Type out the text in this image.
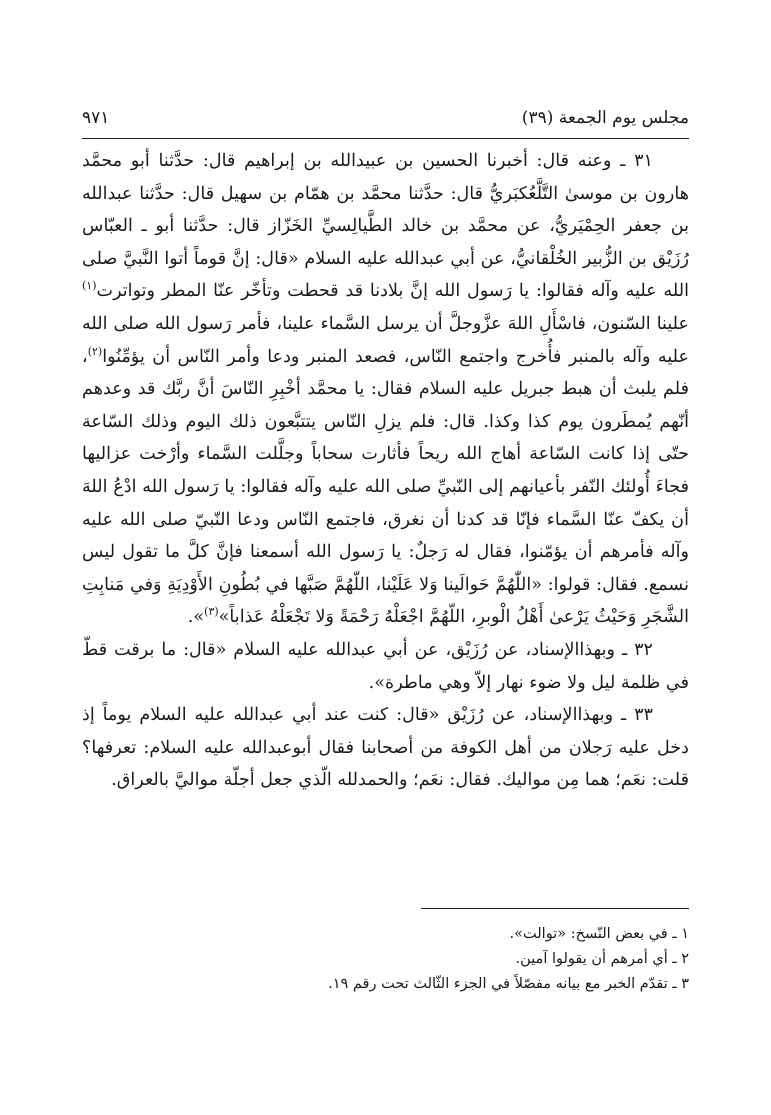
مجلس يوم الجمعة (٣٩)
٩٧١

٣١ ـ وعنه قال: أخبرنا الحسين بن عبيدالله بن إبراهيم قال: حدَّثنا أبو محمَّد هارون بن موسىٰ التَّلَّعُكبَريُّ قال: حدَّثنا محمَّد بن همّام بن سهيل قال: حدَّثنا عبدالله بن جعفر الحِمْيَريُّ، عن محمَّد بن خالد الطَّيالِسيِّ الخَزّاز قال: حدَّثنا أبو ـ العبّاس رُزَيْق بن الزُّبير الخُلْقانيُّ، عن أبي عبدالله عليه السلام «قال: إنَّ قوماً أتوا النَّبيَّ صلى الله عليه وآله فقالوا: يا رَسول الله إنَّ بلادنا قد قحطت وتأخّر عنّا المطر وتواترت$^{(١)}$ علينا السّنون، فاسْأَلِ اللهَ عزَّوجلَّ أن يرسل السَّماء علينا، فأمر رَسول الله صلى الله عليه وآله بالمنبر فأُخرج واجتمع النّاس، فصعد المنبر ودعا وأمر النّاس أن يؤمِّنُوا$^{(٢)}$، فلم يلبث أن هبط جبريل عليه السلام فقال: يا محمَّد أخْبِرِ النّاسَ أنَّ ربَّك قد وعدهم أنّهم يُمطَرون يوم كذا وكذا. قال: فلم يزلِ النّاس يتتبَّعون ذلك اليوم وذلك السّاعة حتّى إذا كانت السّاعة أهاج الله ريحاً فأثارت سحاباً وجلَّلت السَّماء وأرْخت عزاليها فجاءَ أُولئك النّفر بأعيانهم إلى النّبيِّ صلى الله عليه وآله فقالوا: يا رَسول الله ادْعُ اللهَ أن يكفّ عنّا السَّماء فإنّا قد كدنا أن نغرق، فاجتمع النّاس ودعا النّبيّ صلى الله عليه وآله فأمرهم أن يؤمّنوا، فقال له رَجلٌ: يا رَسول الله أسمعنا فإنَّ كلَّ ما تقول ليس نسمع. فقال: قولوا: «اللّٰهُمَّ حَوالَينا وَلا عَلَيْنا، اللّهُمَّ صَبَّها في بُطُونِ الأَوْدِيَةِ وَفي مَنابِتِ الشَّجَرِ وَحَيْثُ يَرْعىٰ أَهْلُ الْوبرِ، اللّهُمَّ اجْعَلْهُ رَحْمَةً وَلا تَجْعَلْهُ عَذاباً»$^{(٣)}$».

٣٢ ـ وبهذاالإسناد، عن رُزَيْق، عن أبي عبدالله عليه السلام «قال: ما برقت قطّ في ظلمة ليل ولا ضوء نهار إلاّ وهي ماطرة».

٣٣ ـ وبهذاالإسناد، عن رُزَيْق «قال: كنت عند أبي عبدالله عليه السلام يوماً إذ دخل عليه رَجلان من أهل الكوفة من أصحابنا فقال أبوعبدالله عليه السلام: تعرفها؟ قلت: نعَم؛ هما مِن مواليك. فقال: نعَم؛ والحمدلله الّذي جعل أجلّة مواليَّ بالعراق.

١ ـ في بعض النّسخ: «توالت».

٢ ـ أي أمرهم أن يقولوا آمين.

٣ ـ تقدّم الخبر مع بيانه مفصّلاً في الجزء الثّالث تحت رقم ١٩.
